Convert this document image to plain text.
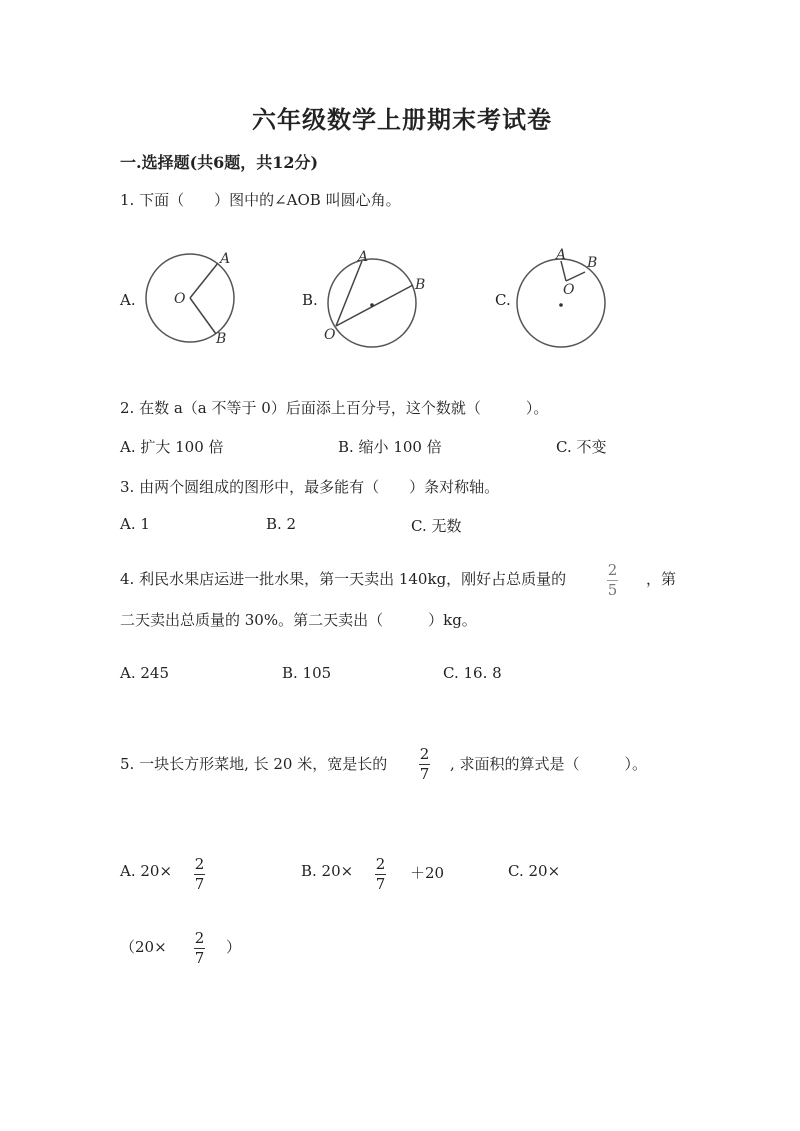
六年级数学上册期末考试卷
一.选择题(共6题，共12分)
1. 下面（　　）图中的∠AOB 叫圆心角。
A.
A
O
B
B.
A
B
O
C.
A B
O
2. 在数 a（a 不等于 0）后面添上百分号，这个数就（　　　）。
A. 扩大 100 倍	B. 缩小 100 倍	C. 不变
3. 由两个圆组成的图形中，最多能有（　　）条对称轴。
A. 1	B. 2	C. 无数
4. 利民水果店运进一批水果，第一天卖出 140kg，刚好占总质量的	2
5
，第
二天卖出总质量的 30%。第二天卖出（　　　）kg。
A. 245	B. 105	C. 16. 8
5. 一块长方形菜地, 长 20 米，宽是长的
2
7
, 求面积的算式是（　　　）。
A. 20× 2
7
B. 20× 2
7
＋20	C. 20×
（20× 2
7
）
